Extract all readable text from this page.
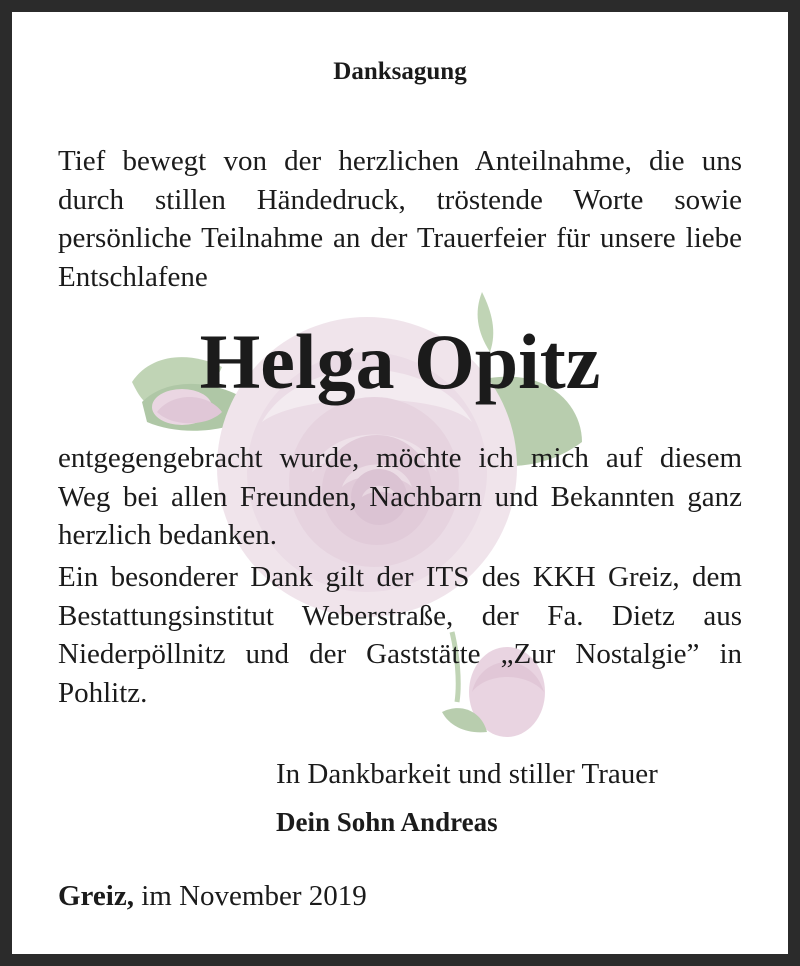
Danksagung
Tief bewegt von der herzlichen Anteilnahme, die uns durch stillen Händedruck, tröstende Worte sowie persönliche Teilnahme an der Trauerfeier für unsere liebe Entschlafene
Helga Opitz
entgegengebracht wurde, möchte ich mich auf diesem Weg bei allen Freunden, Nachbarn und Bekannten ganz herzlich bedanken.
Ein besonderer Dank gilt der ITS des KKH Greiz, dem Bestattungsinstitut Weberstraße, der Fa. Dietz aus Niederpöllnitz und der Gaststätte „Zur Nostalgie” in Pohlitz.
In Dankbarkeit und stiller Trauer
Dein Sohn Andreas
Greiz, im November 2019
